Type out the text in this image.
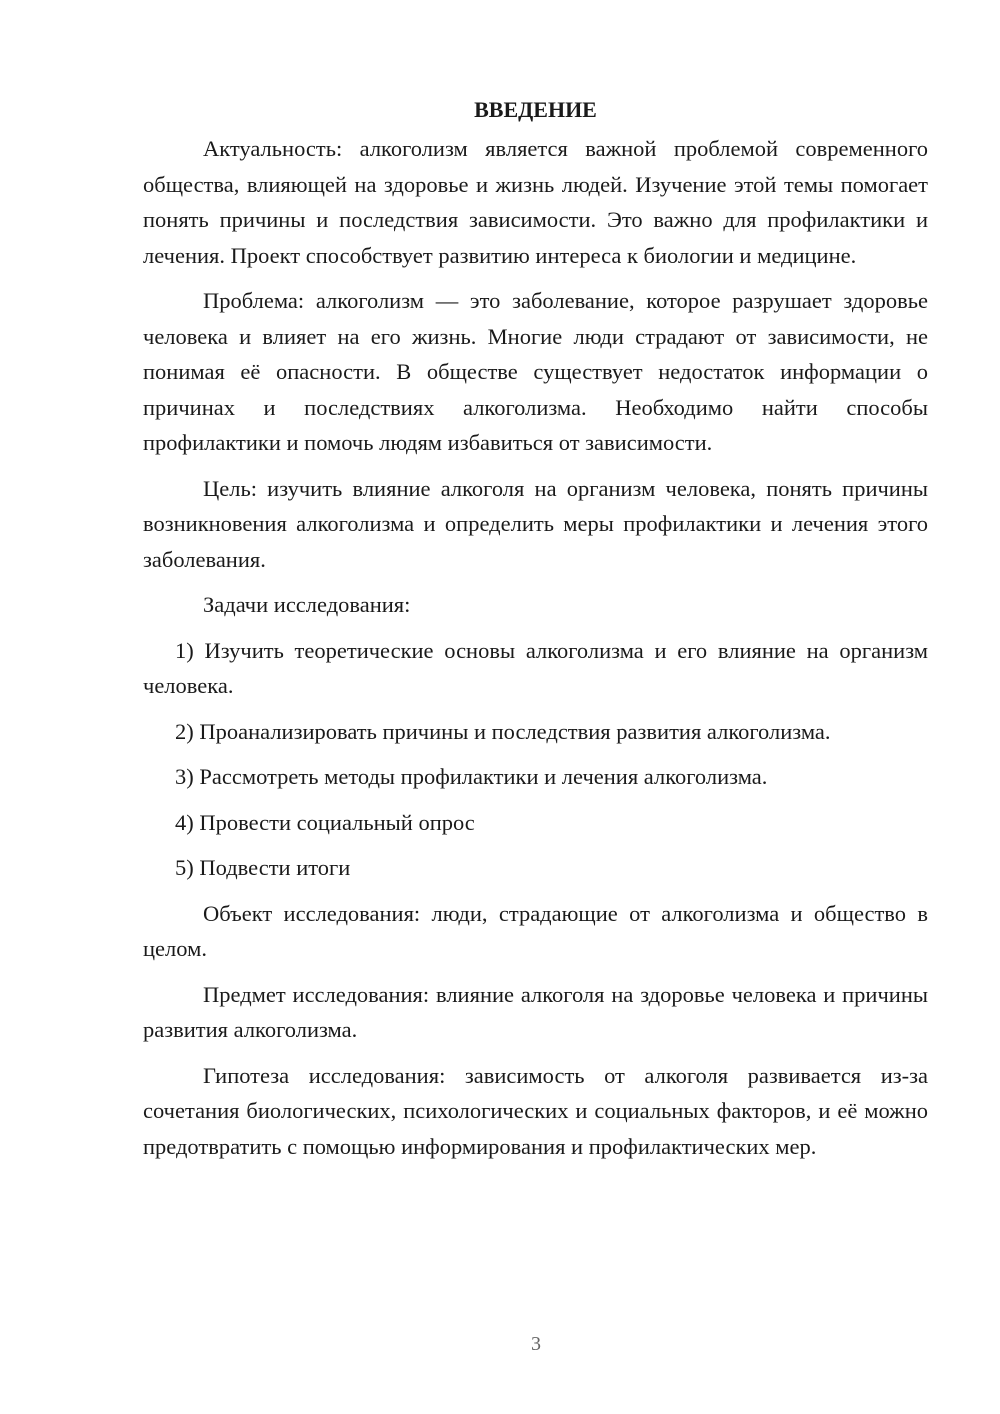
ВВЕДЕНИЕ

Актуальность: алкоголизм является важной проблемой современного общества, влияющей на здоровье и жизнь людей. Изучение этой темы помогает понять причины и последствия зависимости. Это важно для профилактики и лечения. Проект способствует развитию интереса к биологии и медицине.

Проблема: алкоголизм — это заболевание, которое разрушает здоровье человека и влияет на его жизнь. Многие люди страдают от зависимости, не понимая её опасности. В обществе существует недостаток информации о причинах и последствиях алкоголизма. Необходимо найти способы профилактики и помочь людям избавиться от зависимости.

Цель: изучить влияние алкоголя на организм человека, понять причины возникновения алкоголизма и определить меры профилактики и лечения этого заболевания.

Задачи исследования:

1) Изучить теоретические основы алкоголизма и его влияние на организм человека.

2) Проанализировать причины и последствия развития алкоголизма.

3) Рассмотреть методы профилактики и лечения алкоголизма.

4) Провести социальный опрос

5) Подвести итоги

Объект исследования: люди, страдающие от алкоголизма и общество в целом.

Предмет исследования: влияние алкоголя на здоровье человека и причины развития алкоголизма.

Гипотеза исследования: зависимость от алкоголя развивается из-за сочетания биологических, психологических и социальных факторов, и её можно предотвратить с помощью информирования и профилактических мер.

3
